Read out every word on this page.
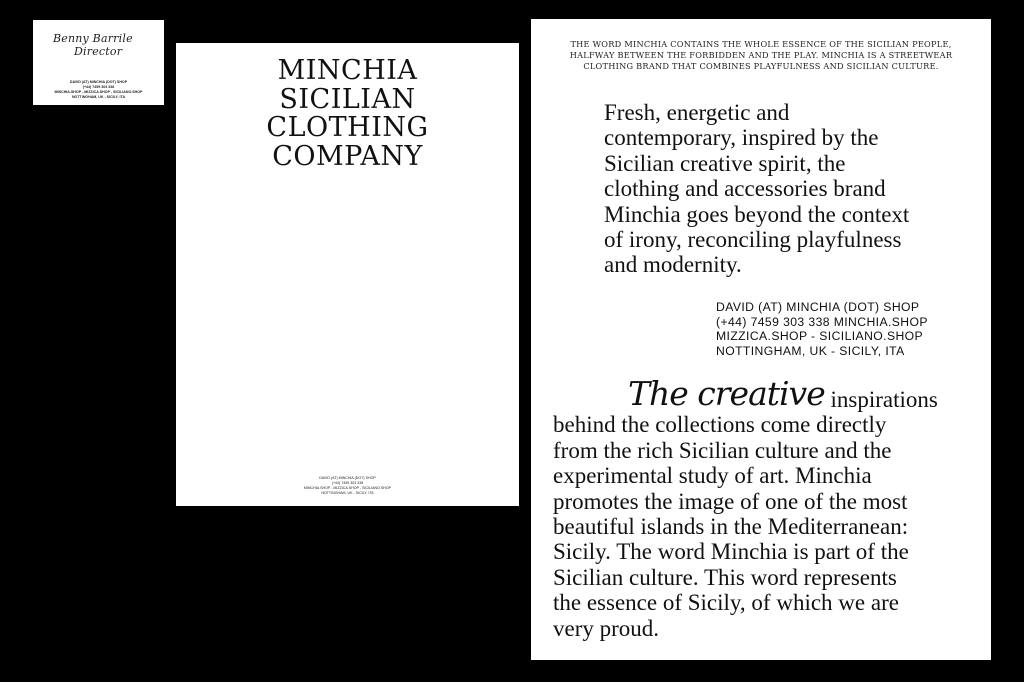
Benny Barrile
Director
DAVID (AT) MINCHIA (DOT) SHOP
(+44) 7459 303 338
MINCHIA.SHOP - MIZZICA.SHOP - SICILIANO.SHOP
NOTTINGHAM, UK - SICILY, ITA
MINCHIA
SICILIAN
CLOTHING
COMPANY
DAVID (AT) MINCHIA (DOT) SHOP
(+44) 7459 303 338
MINCHIA.SHOP - MIZZICA.SHOP - SICILIANO.SHOP
NOTTINGHAM, UK - SICILY, ITA
THE WORD MINCHIA CONTAINS THE WHOLE ESSENCE OF THE SICILIAN PEOPLE,
HALFWAY BETWEEN THE FORBIDDEN AND THE PLAY. MINCHIA IS A STREETWEAR
CLOTHING BRAND THAT COMBINES PLAYFULNESS AND SICILIAN CULTURE.
Fresh, energetic and
contemporary, inspired by the
Sicilian creative spirit, the
clothing and accessories brand
Minchia goes beyond the context
of irony, reconciling playfulness
and modernity.
DAVID (AT) MINCHIA (DOT) SHOP
(+44) 7459 303 338 MINCHIA.SHOP
MIZZICA.SHOP - SICILIANO.SHOP
NOTTINGHAM, UK - SICILY, ITA
The creative inspirations
behind the collections come directly
from the rich Sicilian culture and the
experimental study of art. Minchia
promotes the image of one of the most
beautiful islands in the Mediterranean:
Sicily. The word Minchia is part of the
Sicilian culture. This word represents
the essence of Sicily, of which we are
very proud.
